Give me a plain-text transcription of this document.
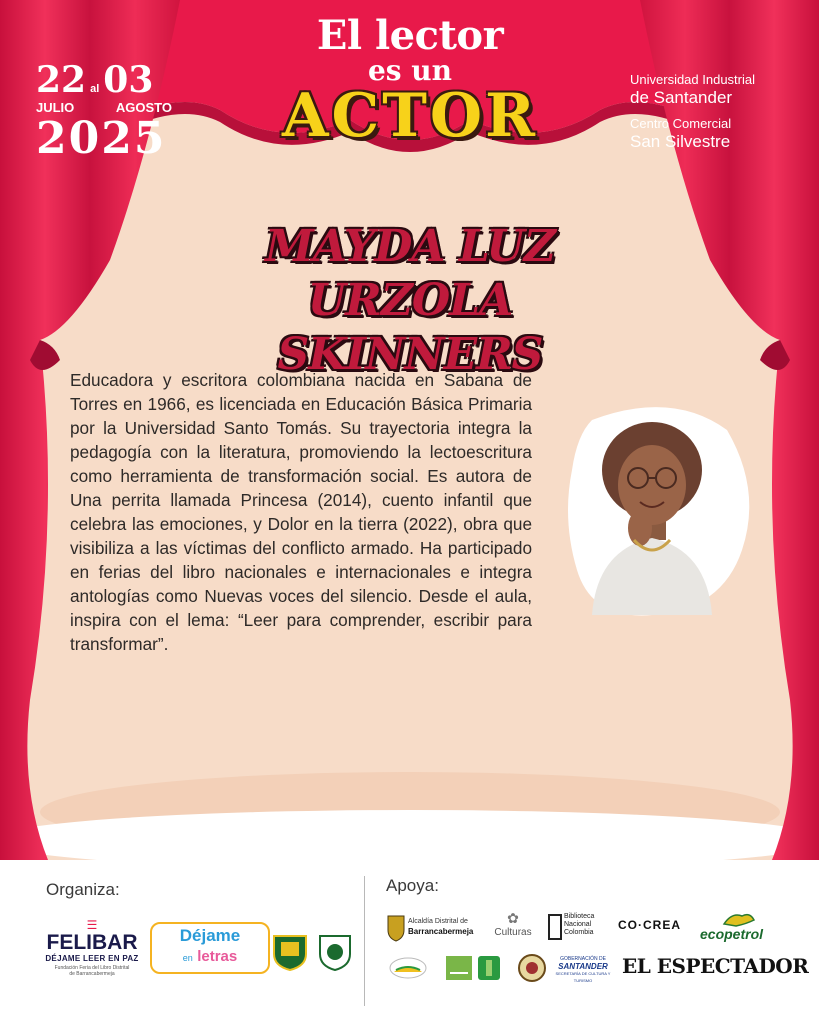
El lector
es un
ACTOR
22 al 03
JULIO	AGOSTO
2025
Universidad Industrial
de Santander
Centro Comercial
San Silvestre
MAYDA LUZ
URZOLA SKINNERS
Educadora y escritora colombiana nacida en Sabana de Torres en 1966, es licenciada en Educación Básica Primaria por la Universidad Santo Tomás. Su trayectoria integra la pedagogía con la literatura, promoviendo la lectoescritura como herramienta de transformación social. Es autora de Una perrita llamada Princesa (2014), cuento infantil que celebra las emociones, y Dolor en la tierra (2022), obra que visibiliza a las víctimas del conflicto armado. Ha participado en ferias del libro nacionales e internacionales e integra antologías como Nuevas voces del silencio. Desde el aula, inspira con el lema: “Leer para comprender, escribir para transformar”.
Organiza:	Apoya:
☰
FELIBAR
DÉJAME LEER EN PAZ
Fundación Feria del Libro Distrital
de Barrancabermeja
Déjame
en letras
Alcaldía Distrital de
Barrancabermeja
✿
Culturas
Biblioteca
Nacional
Colombia
CO·CREA
ecopetrol
GOBERNACIÓN DE
SANTANDER
SECRETARÍA DE CULTURA Y TURISMO
EL ESPECTADOR
